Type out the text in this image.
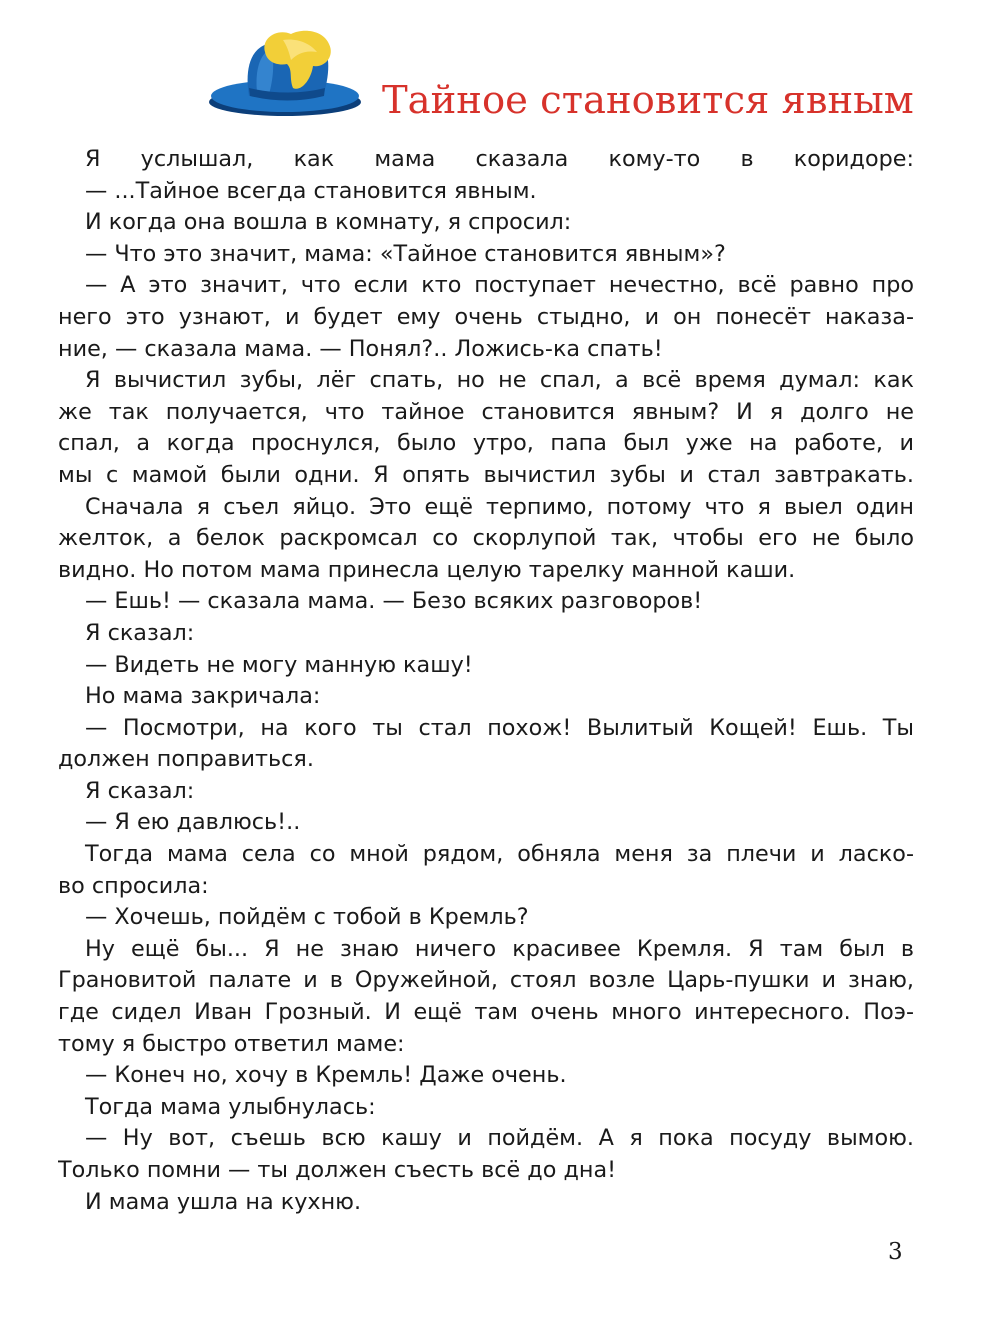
Тайное становится явным
Я услышал, как мама сказала кому-то в коридоре:
— ...Тайное всегда становится явным.
И когда она вошла в комнату, я спросил:
— Что это значит, мама: «Тайное становится явным»?
— А это значит, что если кто поступает нечестно, всё равно про
него это узнают, и будет ему очень стыдно, и он понесёт наказа-
ние, — сказала мама. — Понял?.. Ложись-ка спать!
Я вычистил зубы, лёг спать, но не спал, а всё время думал: как
же так получается, что тайное становится явным? И я долго не
спал, а когда проснулся, было утро, папа был уже на работе, и
мы с мамой были одни. Я опять вычистил зубы и стал завтракать.
Сначала я съел яйцо. Это ещё терпимо, потому что я выел один
желток, а белок раскромсал со скорлупой так, чтобы его не было
видно. Но потом мама принесла целую тарелку манной каши.
— Ешь! — сказала мама. — Безо всяких разговоров!
Я сказал:
— Видеть не могу манную кашу!
Но мама закричала:
— Посмотри, на кого ты стал похож! Вылитый Кощей! Ешь. Ты
должен поправиться.
Я сказал:
— Я ею давлюсь!..
Тогда мама села со мной рядом, обняла меня за плечи и ласко-
во спросила:
— Хочешь, пойдём с тобой в Кремль?
Ну ещё бы... Я не знаю ничего красивее Кремля. Я там был в
Грановитой палате и в Оружейной, стоял возле Царь-пушки и знаю,
где сидел Иван Грозный. И ещё там очень много интересного. Поэ-
тому я быстро ответил маме:
— Конеч но, хочу в Кремль! Даже очень.
Тогда мама улыбнулась:
— Ну вот, съешь всю кашу и пойдём. А я пока посуду вымою.
Только помни — ты должен съесть всё до дна!
И мама ушла на кухню.
3
